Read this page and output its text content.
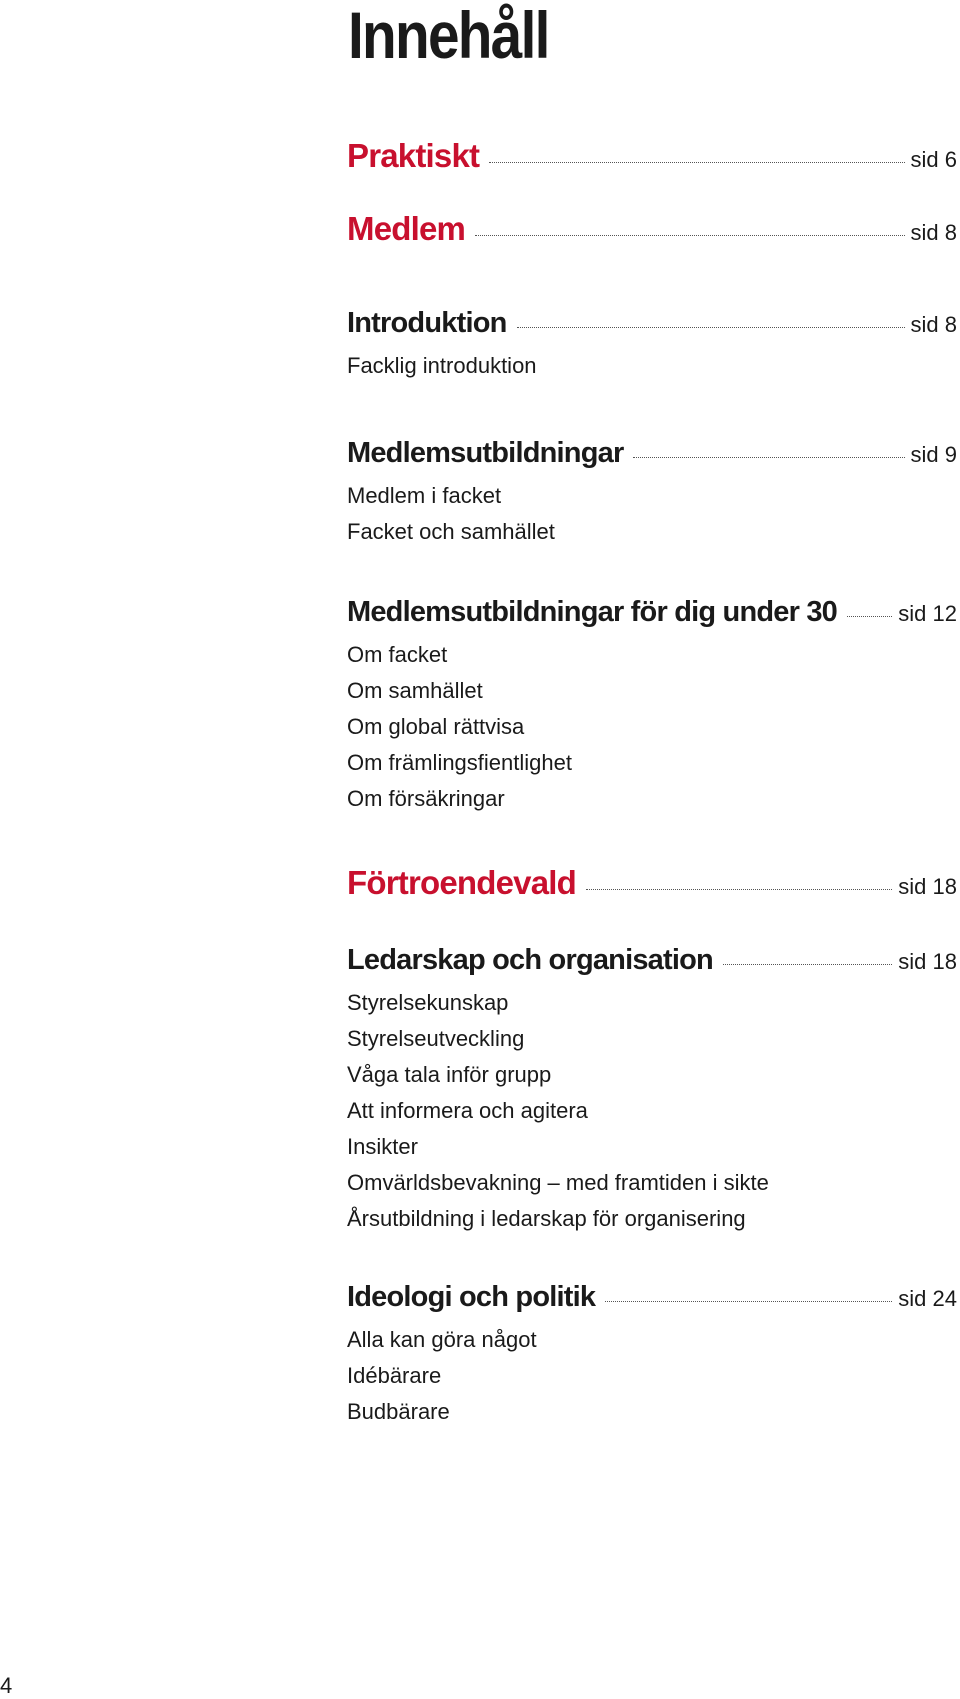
Innehåll
Praktiskt	sid 6
Medlem	sid 8
Introduktion	sid 8
Facklig introduktion
Medlemsutbildningar	sid 9
Medlem i facket
Facket och samhället
Medlemsutbildningar för dig under 30	sid 12
Om facket
Om samhället
Om global rättvisa
Om främlingsfientlighet
Om försäkringar
Förtroendevald	sid 18
Ledarskap och organisation	sid 18
Styrelsekunskap
Styrelseutveckling
Våga tala inför grupp
Att informera och agitera
Insikter
Omvärldsbevakning – med framtiden i sikte
Årsutbildning i ledarskap för organisering
Ideologi och politik	sid 24
Alla kan göra något
Idébärare
Budbärare
4
